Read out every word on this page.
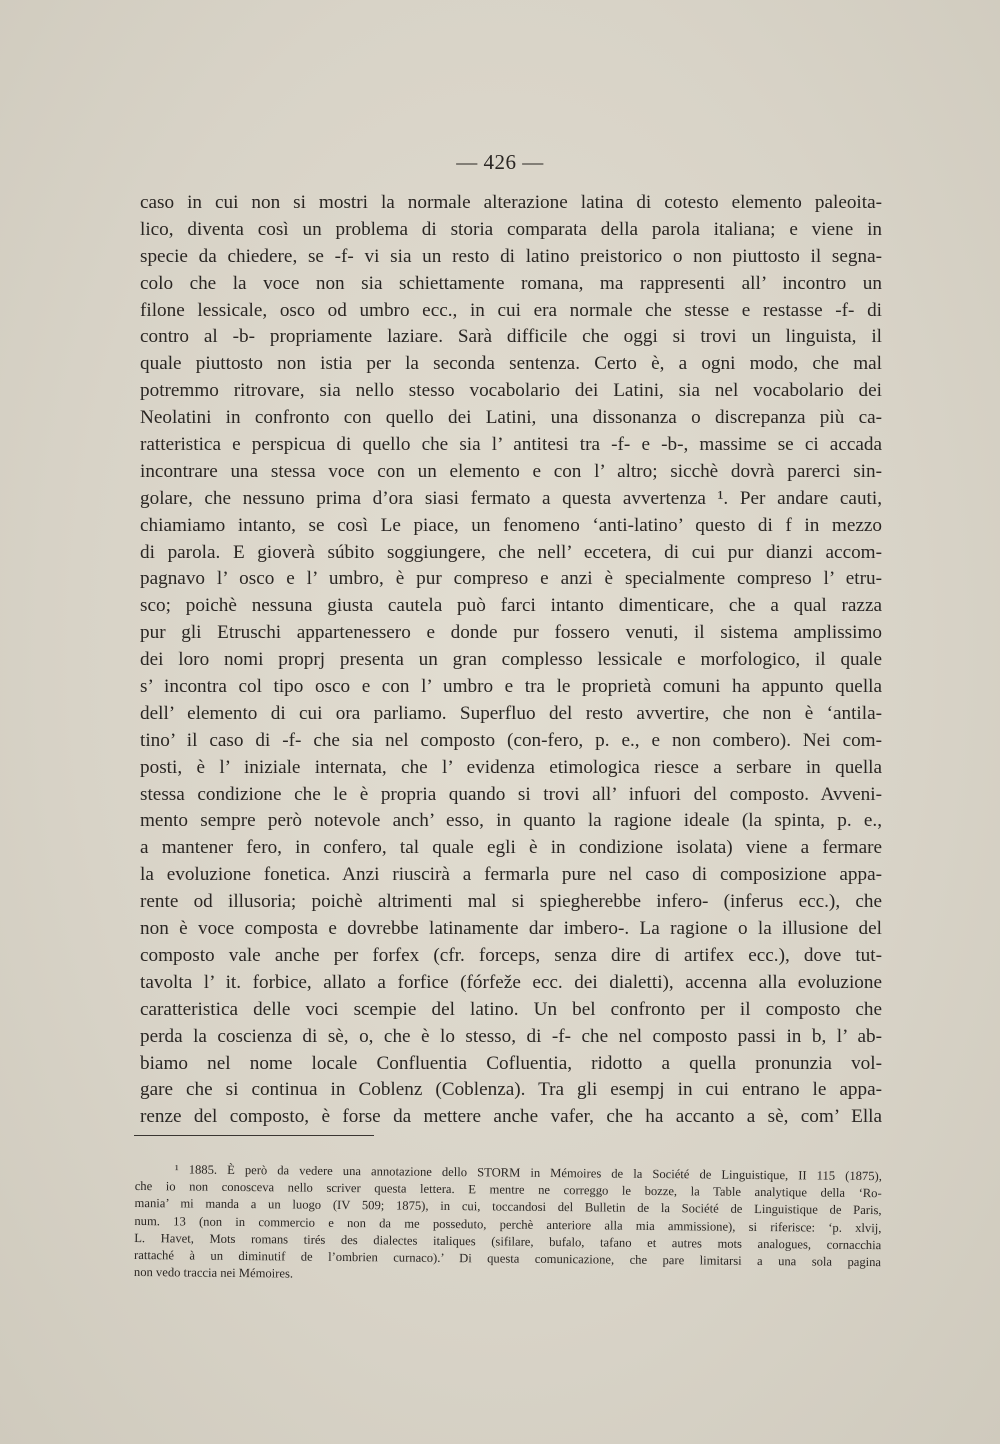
— 426 —
caso in cui non si mostri la normale alterazione latina di cotesto elemento paleoita-
lico, diventa così un problema di storia comparata della parola italiana; e viene in
specie da chiedere, se -f- vi sia un resto di latino preistorico o non piuttosto il segna-
colo che la voce non sia schiettamente romana, ma rappresenti all’ incontro un
filone lessicale, osco od umbro ecc., in cui era normale che stesse e restasse -f- di
contro al -b- propriamente laziare. Sarà difficile che oggi si trovi un linguista, il
quale piuttosto non istia per la seconda sentenza. Certo è, a ogni modo, che mal
potremmo ritrovare, sia nello stesso vocabolario dei Latini, sia nel vocabolario dei
Neolatini in confronto con quello dei Latini, una dissonanza o discrepanza più ca-
ratteristica e perspicua di quello che sia l’ antitesi tra -f- e -b-, massime se ci accada
incontrare una stessa voce con un elemento e con l’ altro; sicchè dovrà parerci sin-
golare, che nessuno prima d’ora siasi fermato a questa avvertenza ¹. Per andare cauti,
chiamiamo intanto, se così Le piace, un fenomeno ‘anti-latino’ questo di f in mezzo
di parola. E gioverà súbito soggiungere, che nell’ eccetera, di cui pur dianzi accom-
pagnavo l’ osco e l’ umbro, è pur compreso e anzi è specialmente compreso l’ etru-
sco; poichè nessuna giusta cautela può farci intanto dimenticare, che a qual razza
pur gli Etruschi appartenessero e donde pur fossero venuti, il sistema amplissimo
dei loro nomi proprj presenta un gran complesso lessicale e morfologico, il quale
s’ incontra col tipo osco e con l’ umbro e tra le proprietà comuni ha appunto quella
dell’ elemento di cui ora parliamo. Superfluo del resto avvertire, che non è ‘antila-
tino’ il caso di -f- che sia nel composto (con-fero, p. e., e non combero). Nei com-
posti, è l’ iniziale internata, che l’ evidenza etimologica riesce a serbare in quella
stessa condizione che le è propria quando si trovi all’ infuori del composto. Avveni-
mento sempre però notevole anch’ esso, in quanto la ragione ideale (la spinta, p. e.,
a mantener fero, in confero, tal quale egli è in condizione isolata) viene a fermare
la evoluzione fonetica. Anzi riuscirà a fermarla pure nel caso di composizione appa-
rente od illusoria; poichè altrimenti mal si spiegherebbe infero- (inferus ecc.), che
non è voce composta e dovrebbe latinamente dar imbero-. La ragione o la illusione del
composto vale anche per forfex (cfr. forceps, senza dire di artifex ecc.), dove tut-
tavolta l’ it. forbice, allato a forfice (fórfeže ecc. dei dialetti), accenna alla evoluzione
caratteristica delle voci scempie del latino. Un bel confronto per il composto che
perda la coscienza di sè, o, che è lo stesso, di -f- che nel composto passi in b, l’ ab-
biamo nel nome locale Confluentia Cofluentia, ridotto a quella pronunzia vol-
gare che si continua in Coblenz (Coblenza). Tra gli esempj in cui entrano le appa-
renze del composto, è forse da mettere anche vafer, che ha accanto a sè, com’ Ella
¹ 1885. È però da vedere una annotazione dello STORM in Mémoires de la Société de Linguistique, II 115 (1875),
che io non conosceva nello scriver questa lettera. E mentre ne correggo le bozze, la Table analytique della ‘Ro-
mania’ mi manda a un luogo (IV 509; 1875), in cui, toccandosi del Bulletin de la Société de Linguistique de Paris,
num. 13 (non in commercio e non da me posseduto, perchè anteriore alla mia ammissione), si riferisce: ‘p. xlvij,
L. Havet, Mots romans tirés des dialectes italiques (sifilare, bufalo, tafano et autres mots analogues, cornacchia
rattaché à un diminutif de l’ombrien curnaco).’ Di questa comunicazione, che pare limitarsi a una sola pagina
non vedo traccia nei Mémoires.
